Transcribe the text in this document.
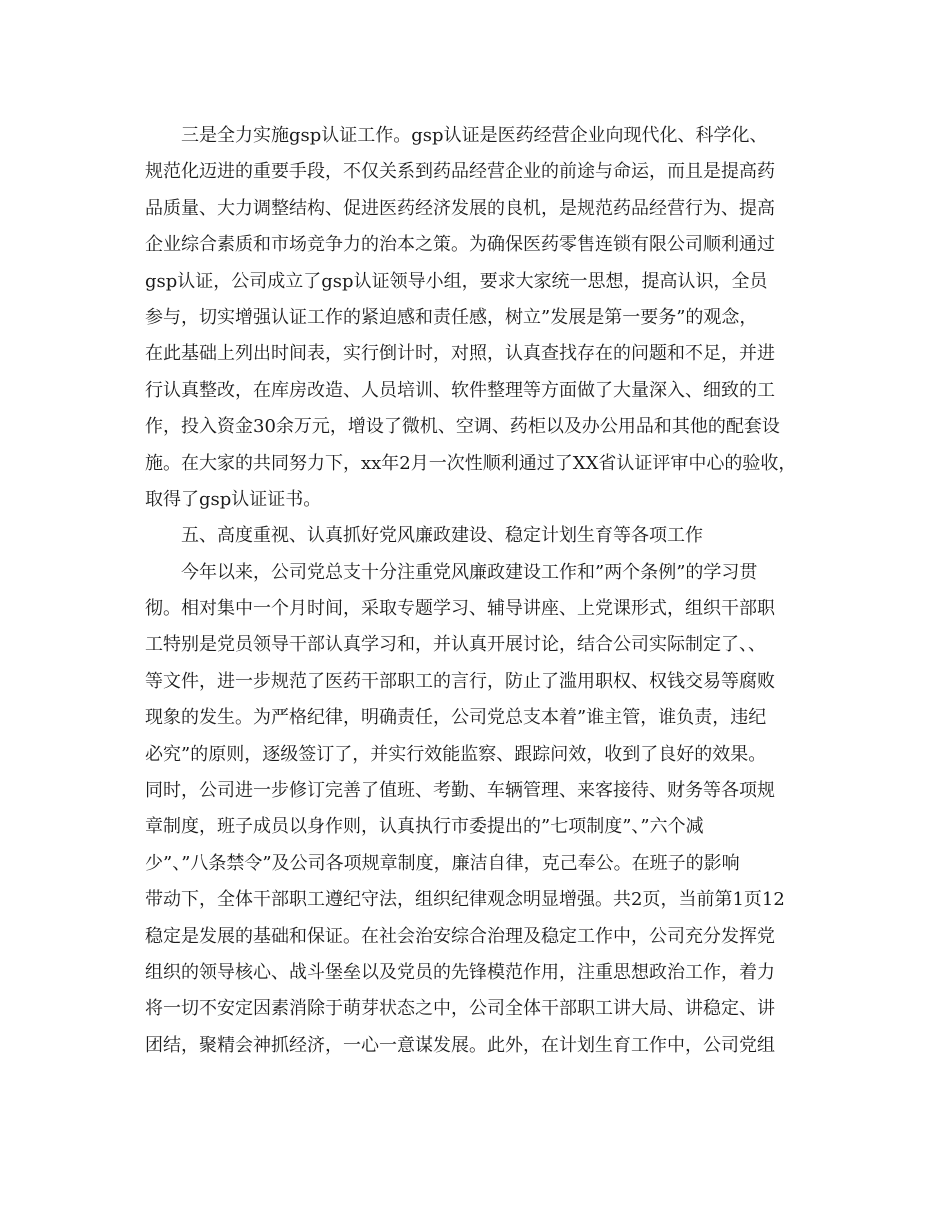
三是全力实施gsp认证工作。gsp认证是医药经营企业向现代化、科学化、
规范化迈进的重要手段，不仅关系到药品经营企业的前途与命运，而且是提高药
品质量、大力调整结构、促进医药经济发展的良机，是规范药品经营行为、提高
企业综合素质和市场竞争力的治本之策。为确保医药零售连锁有限公司顺利通过
gsp认证，公司成立了gsp认证领导小组，要求大家统一思想，提高认识，全员
参与，切实增强认证工作的紧迫感和责任感，树立”发展是第一要务”的观念，
在此基础上列出时间表，实行倒计时，对照，认真查找存在的问题和不足，并进
行认真整改，在库房改造、人员培训、软件整理等方面做了大量深入、细致的工
作，投入资金30余万元，增设了微机、空调、药柜以及办公用品和其他的配套设
施。在大家的共同努力下，xx年2月一次性顺利通过了XX省认证评审中心的验收，
取得了gsp认证证书。
五、高度重视、认真抓好党风廉政建设、稳定计划生育等各项工作
今年以来，公司党总支十分注重党风廉政建设工作和”两个条例”的学习贯
彻。相对集中一个月时间，采取专题学习、辅导讲座、上党课形式，组织干部职
工特别是党员领导干部认真学习和，并认真开展讨论，结合公司实际制定了、、
等文件，进一步规范了医药干部职工的言行，防止了滥用职权、权钱交易等腐败
现象的发生。为严格纪律，明确责任，公司党总支本着”谁主管，谁负责，违纪
必究”的原则，逐级签订了，并实行效能监察、跟踪问效，收到了良好的效果。
同时，公司进一步修订完善了值班、考勤、车辆管理、来客接待、财务等各项规
章制度，班子成员以身作则，认真执行市委提出的”七项制度”、”六个减
少”、”八条禁令”及公司各项规章制度，廉洁自律，克己奉公。在班子的影响
带动下，全体干部职工遵纪守法，组织纪律观念明显增强。共2页，当前第1页12
稳定是发展的基础和保证。在社会治安综合治理及稳定工作中，公司充分发挥党
组织的领导核心、战斗堡垒以及党员的先锋模范作用，注重思想政治工作，着力
将一切不安定因素消除于萌芽状态之中，公司全体干部职工讲大局、讲稳定、讲
团结，聚精会神抓经济，一心一意谋发展。此外，在计划生育工作中，公司党组
